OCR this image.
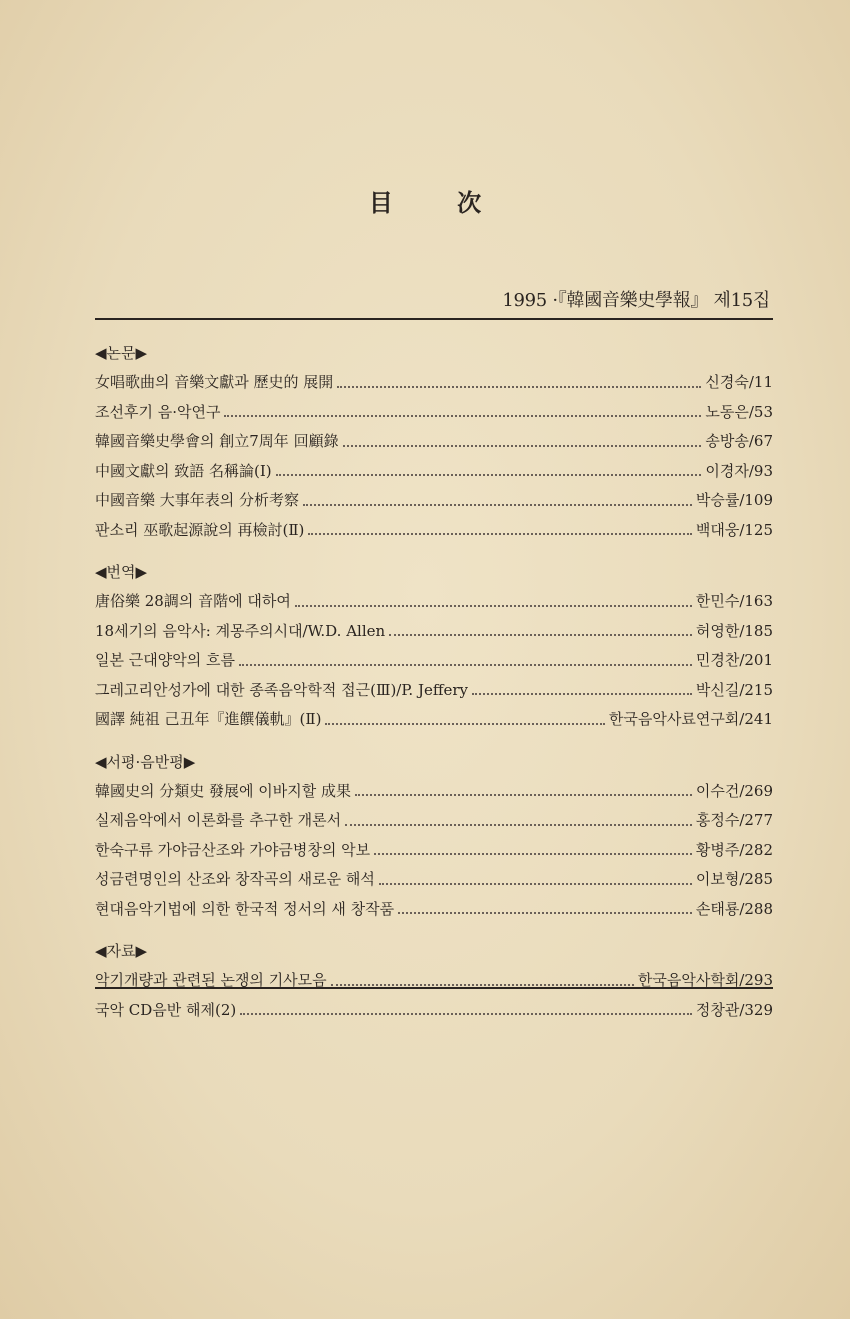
目 次
1995 ·『韓國音樂史學報』 제15집
◀논문▶
女唱歌曲의 音樂文獻과 歷史的 展開	신경숙/11
조선후기 음·악연구	노동은/53
韓國音樂史學會의 創立7周年 回顧錄	송방송/67
中國文獻의 致語 名稱論(Ⅰ)	이경자/93
中國音樂 大事年表의 分析考察	박승률/109
판소리 巫歌起源說의 再檢討(Ⅱ)	백대웅/125
◀번역▶
唐俗樂 28調의 音階에 대하여	한민수/163
18세기의 음악사: 계몽주의시대/W.D. Allen	허영한/185
일본 근대양악의 흐름	민경찬/201
그레고리안성가에 대한 종족음악학적 접근(Ⅲ)/P. Jeffery	박신길/215
國譯 純祖 己丑年『進饌儀軌』(Ⅱ)	한국음악사료연구회/241
◀서평·음반평▶
韓國史의 分類史 發展에 이바지할 成果	이수건/269
실제음악에서 이론화를 추구한 개론서	홍정수/277
한숙구류 가야금산조와 가야금병창의 악보	황병주/282
성금련명인의 산조와 창작곡의 새로운 해석	이보형/285
현대음악기법에 의한 한국적 정서의 새 창작품	손태룡/288
◀자료▶
악기개량과 관련된 논쟁의 기사모음	한국음악사학회/293
국악 CD음반 해제(2)	정창관/329
